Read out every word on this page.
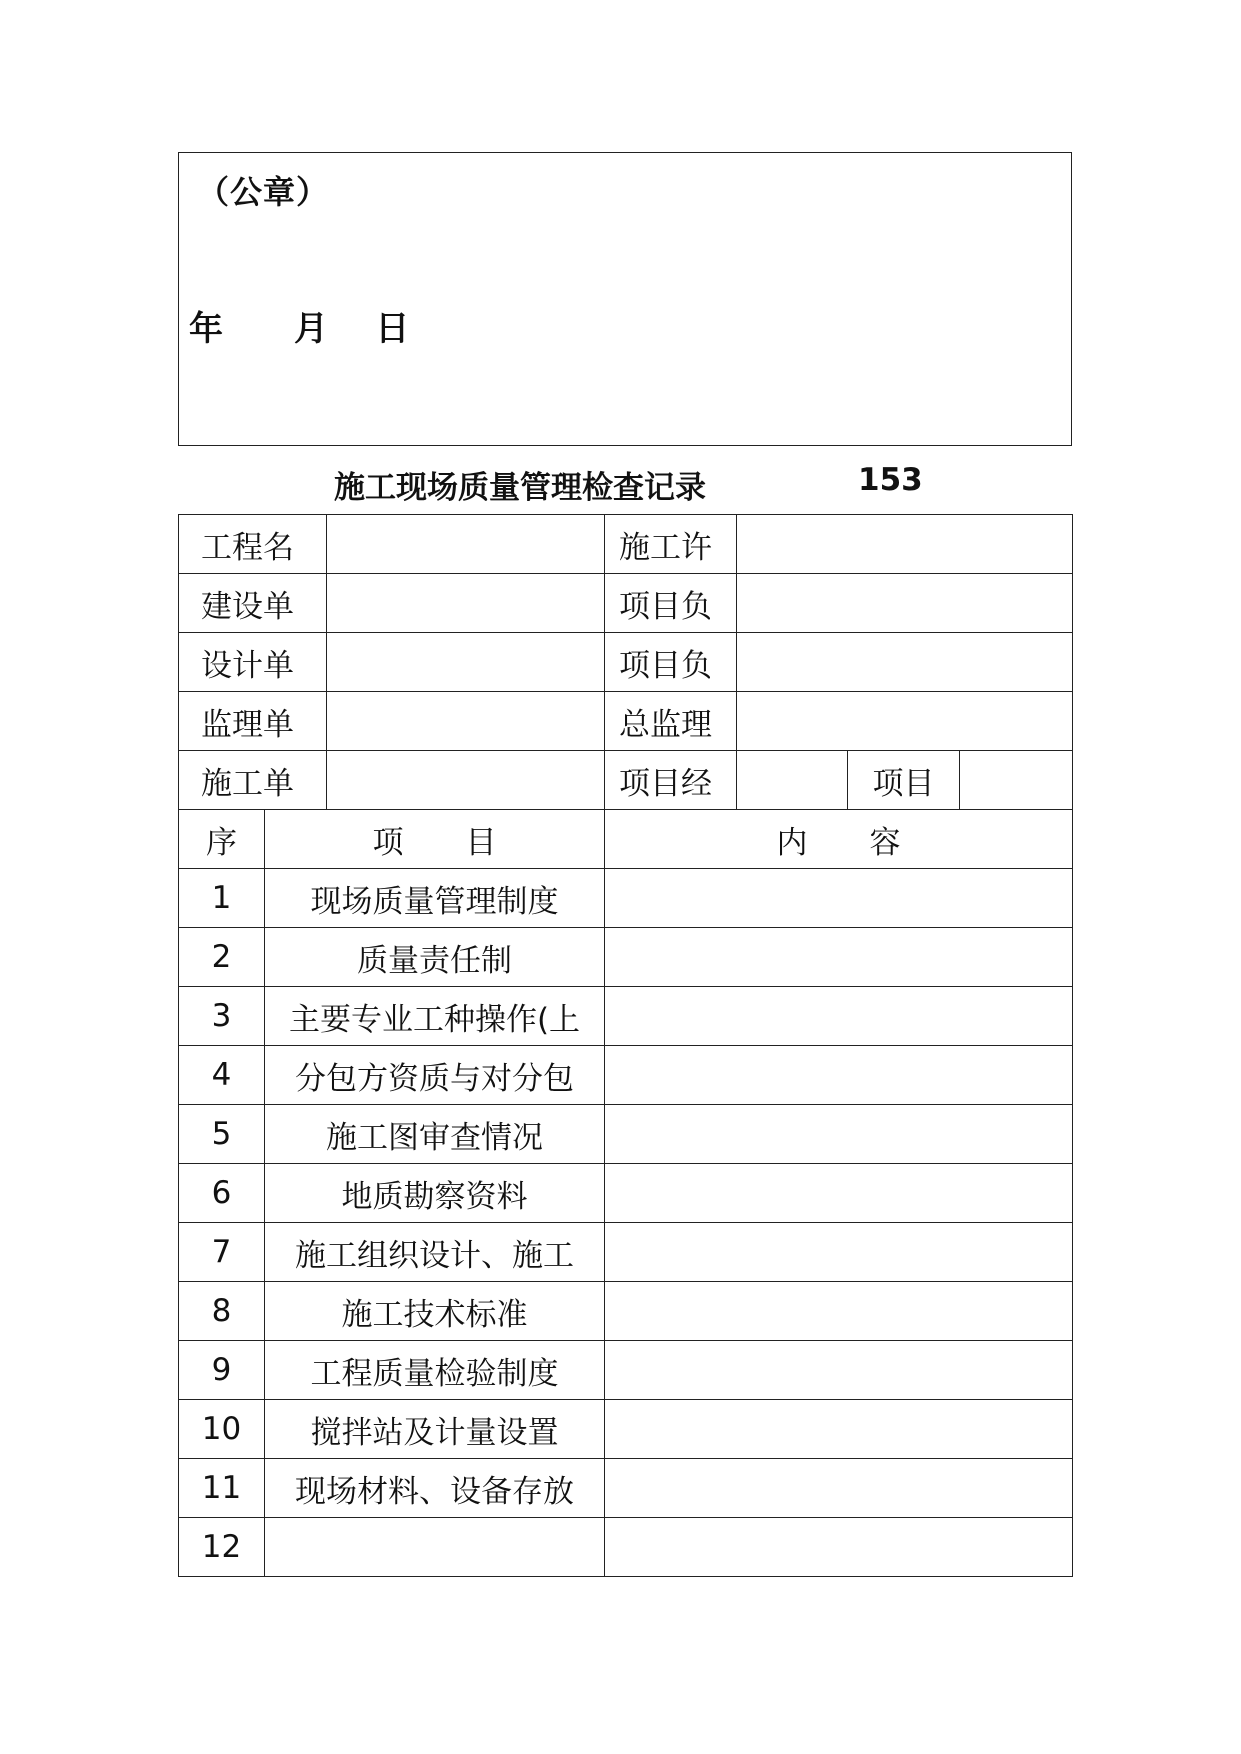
（公章）
年 月 日
施工现场质量管理检查记录	153
工程名			施工许			
建设单			项目负			
设计单			项目负			
监理单			总监理			
施工单			项目经		项目	
序	项　　目		内　　容			
1	现场质量管理制度					
2	质量责任制					
3	主要专业工种操作(上					
4	分包方资质与对分包					
5	施工图审查情况					
6	地质勘察资料					
7	施工组织设计、施工					
8	施工技术标准					
9	工程质量检验制度					
10	搅拌站及计量设置					
11	现场材料、设备存放					
12						
